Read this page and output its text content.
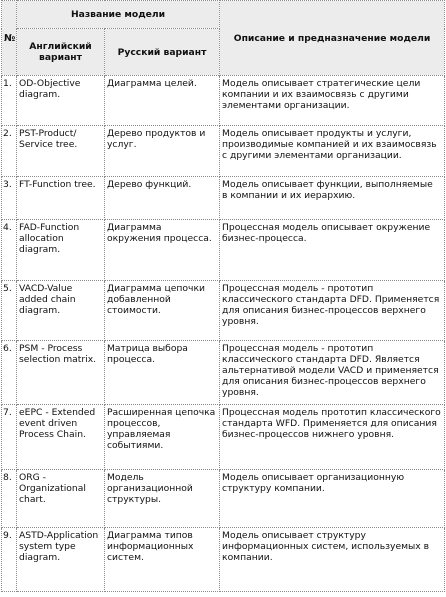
№	Название модели		Описание и предназначение модели

	Английский вариант	Русский вариант	
1.	OD-Objective diagram.	Диаграмма целей.	Модель описывает стратегические цели компании и их взаимосвязь с другими элементами организации.
2.	PST-Product/ Service tree.	Дерево продуктов и услуг.	Модель описывает продукты и услуги, производимые компанией и их взаимосвязь с другими элементами организации.
3.	FT-Function tree.	Дерево функций.	Модель описывает функции, выполняемые в компании и их иерархию.
4.	FAD-Function allocation diagram.	Диаграмма окружения процесса.	Процессная модель описывает окружение бизнес-процесса.
5.	VACD-Value added chain diagram.	Диаграмма цепочки добавленной стоимости.	Процессная модель - прототип классического стандарта DFD. Применяется для описания бизнес-процессов верхнего уровня.
6.	PSM - Process selection matrix.	Матрица выбора процесса.	Процессная модель - прототип классического стандарта DFD. Является альтернативой модели VACD и применяется для описания бизнес-процессов верхнего уровня.
7.	eEPC - Extended event driven Process Chain.	Расширенная цепочка процессов, управляемая событиями.	Процессная модель прототип классического стандарта WFD. Применяется для описания бизнес-процессов нижнего уровня.
8.	ORG - Organizational chart.	Модель организационной структуры.	Модель описывает организационную структуру компании.
9.	ASTD-Application system type diagram.	Диаграмма типов информационных систем.	Модель описывает структуру информационных систем, используемых в компании.
